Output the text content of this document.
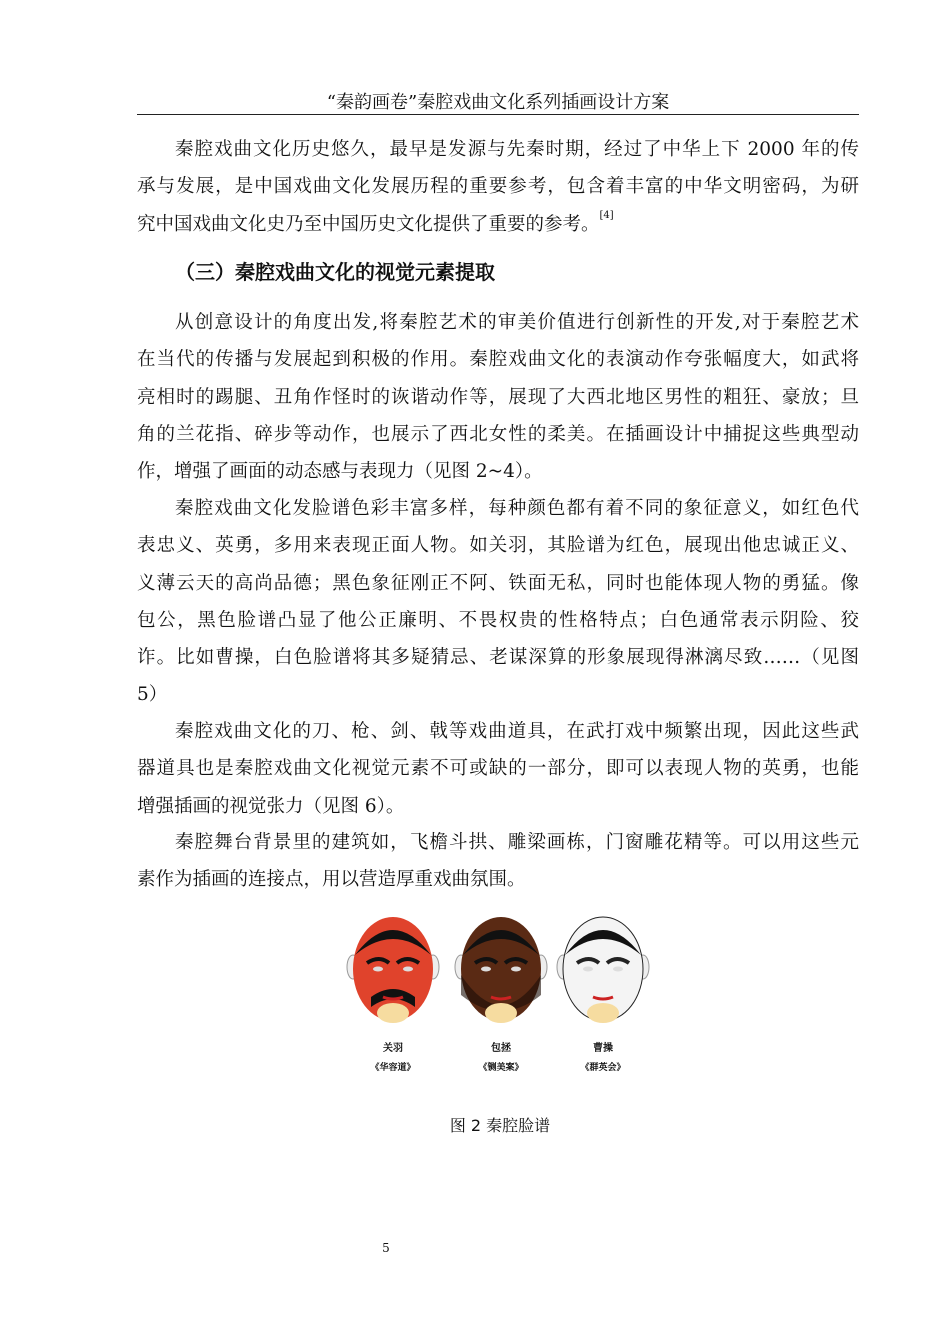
“秦韵画卷”秦腔戏曲文化系列插画设计方案
秦腔戏曲文化历史悠久，最早是发源与先秦时期，经过了中华上下 2000 年的传
承与发展，是中国戏曲文化发展历程的重要参考，包含着丰富的中华文明密码，为研
究中国戏曲文化史乃至中国历史文化提供了重要的参考。[4]
（三）秦腔戏曲文化的视觉元素提取
从创意设计的角度出发,将秦腔艺术的审美价值进行创新性的开发,对于秦腔艺术
在当代的传播与发展起到积极的作用。秦腔戏曲文化的表演动作夸张幅度大，如武将
亮相时的踢腿、丑角作怪时的诙谐动作等，展现了大西北地区男性的粗狂、豪放；旦
角的兰花指、碎步等动作，也展示了西北女性的柔美。在插画设计中捕捉这些典型动
作，增强了画面的动态感与表现力（见图 2~4）。
秦腔戏曲文化发脸谱色彩丰富多样，每种颜色都有着不同的象征意义，如红色代
表忠义、英勇，多用来表现正面人物。如关羽，其脸谱为红色，展现出他忠诚正义、
义薄云天的高尚品德；黑色象征刚正不阿、铁面无私，同时也能体现人物的勇猛。像
包公，黑色脸谱凸显了他公正廉明、不畏权贵的性格特点；白色通常表示阴险、狡
诈。比如曹操，白色脸谱将其多疑猜忌、老谋深算的形象展现得淋漓尽致……（见图
5）
秦腔戏曲文化的刀、枪、剑、戟等戏曲道具，在武打戏中频繁出现，因此这些武
器道具也是秦腔戏曲文化视觉元素不可或缺的一部分，即可以表现人物的英勇，也能
增强插画的视觉张力（见图 6）。
秦腔舞台背景里的建筑如，飞檐斗拱、雕梁画栋，门窗雕花精等。可以用这些元
素作为插画的连接点，用以营造厚重戏曲氛围。
关羽
《华容道》
包拯
《铡美案》
曹操
《群英会》
图 2 秦腔脸谱
5
